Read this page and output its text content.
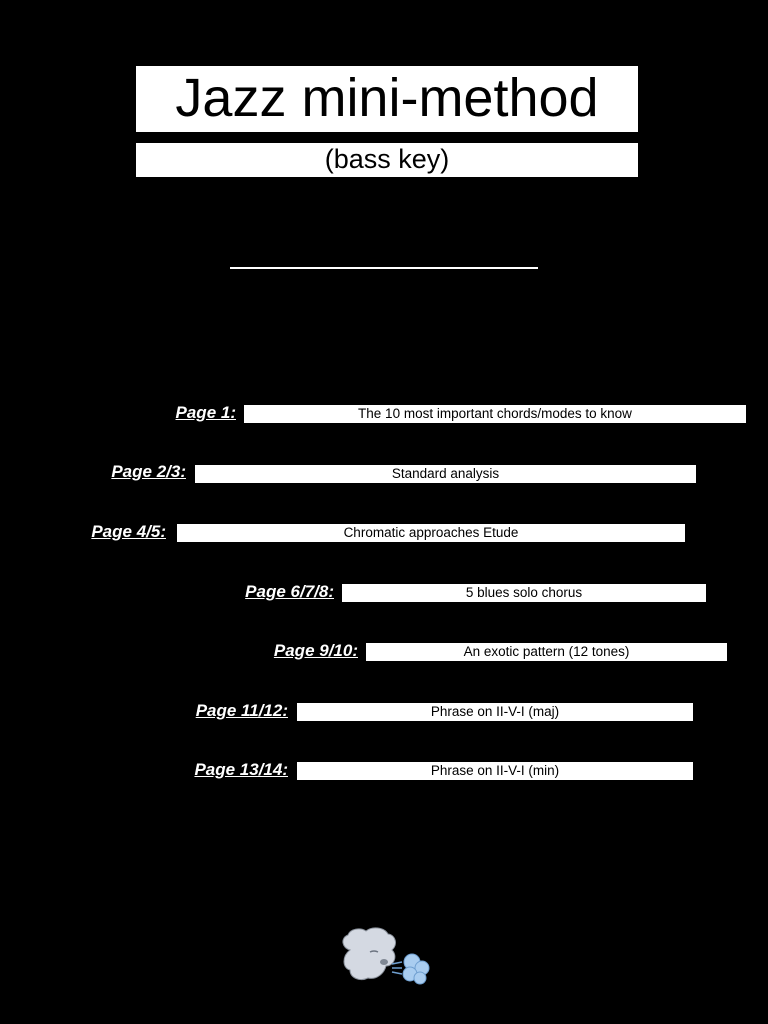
Jazz mini-method
(bass key)
Page 1:	The 10 most important chords/modes to know
Page 2/3:	Standard analysis
Page 4/5:	Chromatic approaches Etude
Page 6/7/8:	5 blues solo chorus
Page 9/10:	An exotic pattern (12 tones)
Page 11/12:	Phrase on II-V-I (maj)
Page 13/14:	Phrase on II-V-I (min)
